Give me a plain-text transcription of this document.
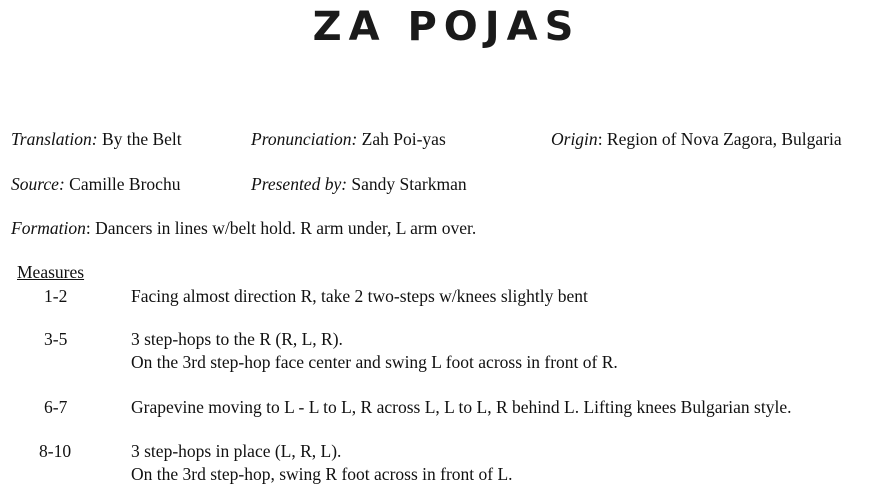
ZA POJAS
Translation: By the Belt	Pronunciation: Zah Poi-yas	Origin: Region of Nova Zagora, Bulgaria
Source: Camille Brochu	Presented by: Sandy Starkman
Formation: Dancers in lines w/belt hold. R arm under, L arm over.
Measures
1-2	Facing almost direction R, take 2 two-steps w/knees slightly bent
3-5	3 step-hops to the R (R, L, R).
On the 3rd step-hop face center and swing L foot across in front of R.
6-7	Grapevine moving to L - L to L, R across L, L to L, R behind L. Lifting knees Bulgarian style.
8-10	3 step-hops in place (L, R, L).
On the 3rd step-hop, swing R foot across in front of L.
